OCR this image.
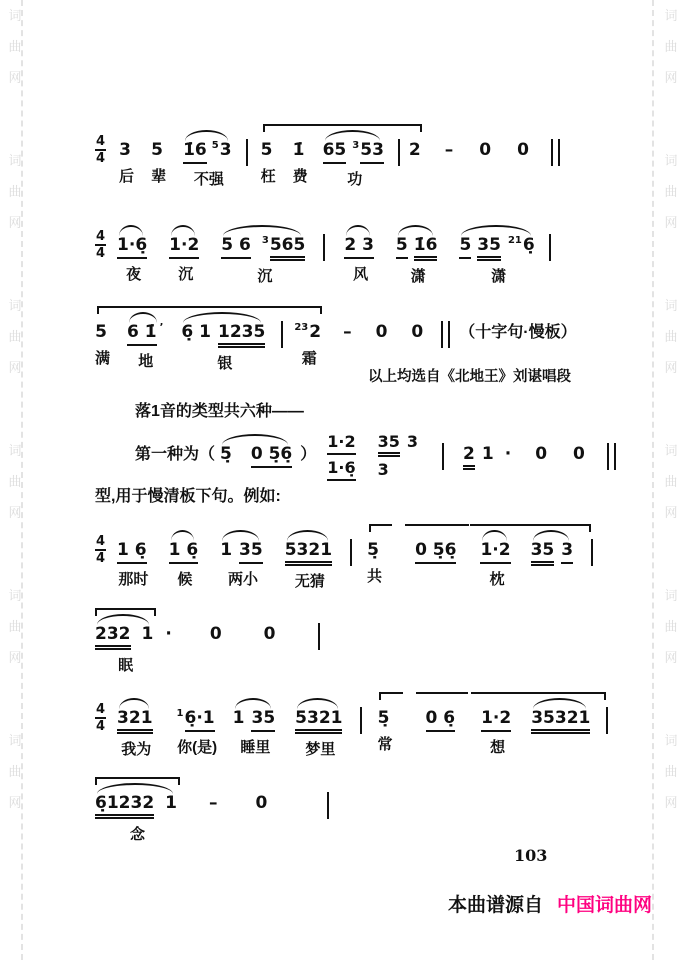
词
曲
网
词
曲
网
词
曲
网
词
曲
网
词
曲
网
词
曲
网
词
曲
网
词
曲
网
词
曲
网
词
曲
网
词
曲
网
词
曲
网
$\frac{4}{4} 3$
后
5
辈
1̇6 53
不强
5
枉
1̇
费
65 353
功
2 – 0 0
$\frac{4}{4}$ 1·6̣
夜
1·2
沉
5 6 3565
沉
2 3
风
5 1̇6
潇
5 35 216̣
潇
5
满
6 1̇ ’
地
6̣ 1 1235
银
232
霜
– 0 0 （十字句·慢板）
以上均选自《北地王》刘谌唱段
落1音的类型共六种——
第一种为（ 5̣ 0 5̣6̣ ）
1·2
1·6̣
35 3
3
2 1 · 0 0
型,用于慢清板下句。例如:
$\frac{4}{4} 1$ 6̣
那时
1 6̣
候
1 35
两小
5321
无猜
5̣
共
0 5̣6̣ 1·2
枕
35 3
232 1
眠
· 0 0
$\frac{4}{4} 321$
我为
16̣·1
你(是)
1 35
睡里
5321
梦里
5̣
常
0 6̣ 1·2
想
35321
6̣1232 1
念
– 0
103
本曲谱源自 中国词曲网
